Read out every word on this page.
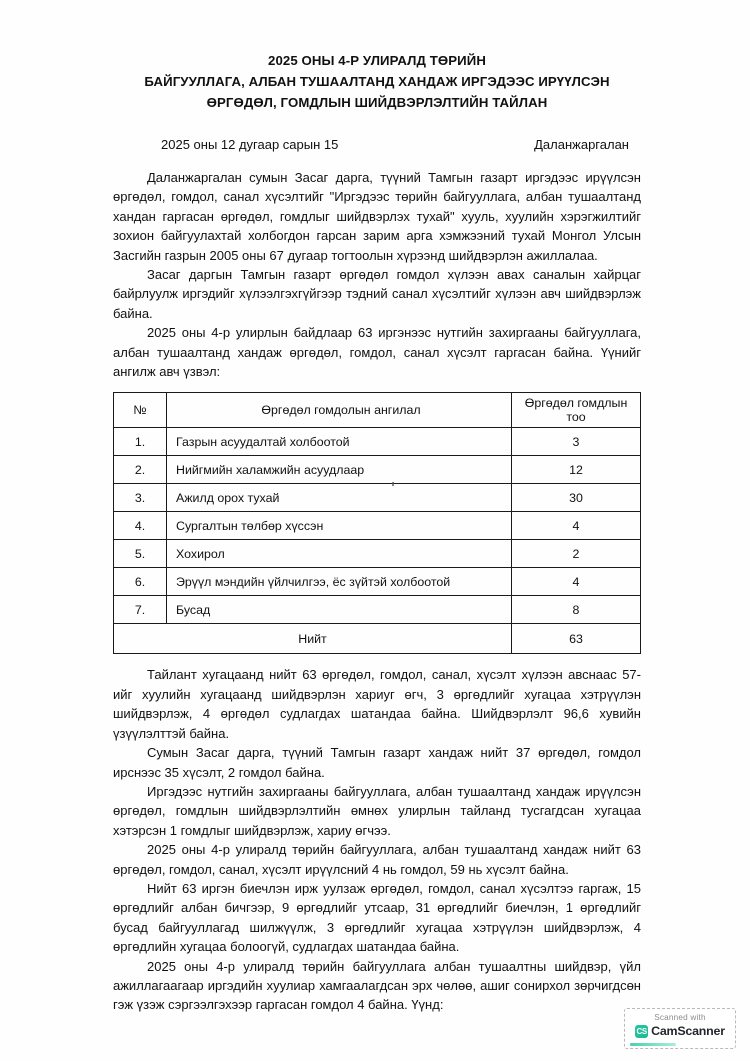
2025 ОНЫ 4-Р УЛИРАЛД ТӨРИЙН
БАЙГУУЛЛАГА, АЛБАН ТУШААЛТАНД ХАНДАЖ ИРГЭДЭЭС ИРҮҮЛСЭН
ӨРГӨДӨЛ, ГОМДЛЫН ШИЙДВЭРЛЭЛТИЙН ТАЙЛАН
2025 оны 12 дугаар сарын 15	Даланжаргалан

Даланжаргалан сумын Засаг дарга, түүний Тамгын газарт иргэдээс ирүүлсэн өргөдөл, гомдол, санал хүсэлтийг "Иргэдээс төрийн байгууллага, албан тушаалтанд хандан гаргасан өргөдөл, гомдлыг шийдвэрлэх тухай" хууль, хуулийн хэрэгжилтийг зохион байгуулахтай холбогдон гарсан зарим арга хэмжээний тухай Монгол Улсын Засгийн газрын 2005 оны 67 дугаар тогтоолын хүрээнд шийдвэрлэн ажиллалаа.

Засаг даргын Тамгын газарт өргөдөл гомдол хүлээн авах саналын хайрцаг байрлуулж иргэдийг хүлээлгэхгүйгээр тэдний санал хүсэлтийг хүлээн авч шийдвэрлэж байна.

2025 оны 4-р улирлын байдлаар 63 иргэнээс нутгийн захиргааны байгууллага, албан тушаалтанд хандаж өргөдөл, гомдол, санал хүсэлт гаргасан байна. Үүнийг ангилж авч үзвэл:

№	Өргөдөл гомдолын ангилал	Өргөдөл гомдлын тоо
1.	Газрын асуудалтай холбоотой	3
2.	Нийгмийн халамжийн асуудлаар	12
3.	Ажилд орох тухай	30
4.	Сургалтын төлбөр хүссэн	4
5.	Хохирол	2
6.	Эрүүл мэндийн үйлчилгээ, ёс зүйтэй холбоотой	4
7.	Бусад	8
Нийт		63

Тайлант хугацаанд нийт 63 өргөдөл, гомдол, санал, хүсэлт хүлээн авснаас 57-ийг хуулийн хугацаанд шийдвэрлэн хариуг өгч, 3 өргөдлийг хугацаа хэтрүүлэн шийдвэрлэж, 4 өргөдөл судлагдах шатандаа байна. Шийдвэрлэлт 96,6 хувийн үзүүлэлттэй байна.

Сумын Засаг дарга, түүний Тамгын газарт хандаж нийт 37 өргөдөл, гомдол ирснээс 35 хүсэлт, 2 гомдол байна.

Иргэдээс нутгийн захиргааны байгууллага, албан тушаалтанд хандаж ирүүлсэн өргөдөл, гомдлын шийдвэрлэлтийн өмнөх улирлын тайланд тусгагдсан хугацаа хэтэрсэн 1 гомдлыг шийдвэрлэж, хариу өгчээ.

2025 оны 4-р улиралд төрийн байгууллага, албан тушаалтанд хандаж нийт 63 өргөдөл, гомдол, санал, хүсэлт ирүүлсний 4 нь гомдол, 59 нь хүсэлт байна.

Нийт 63 иргэн биечлэн ирж уулзаж өргөдөл, гомдол, санал хүсэлтээ гаргаж, 15 өргөдлийг албан бичгээр, 9 өргөдлийг утсаар, 31 өргөдлийг биечлэн, 1 өргөдлийг бусад байгууллагад шилжүүлж, 3 өргөдлийг хугацаа хэтрүүлэн шийдвэрлэж, 4 өргөдлийн хугацаа болоогүй, судлагдах шатандаа байна.

2025 оны 4-р улиралд төрийн байгууллага албан тушаалтны шийдвэр, үйл ажиллагаагаар иргэдийн хуулиар хамгаалагдсан эрх чөлөө, ашиг сонирхол зөрчигдсөн гэж үзэж сэргээлгэхээр гаргасан гомдол 4 байна. Үүнд:

Scanned with
CS CamScanner
